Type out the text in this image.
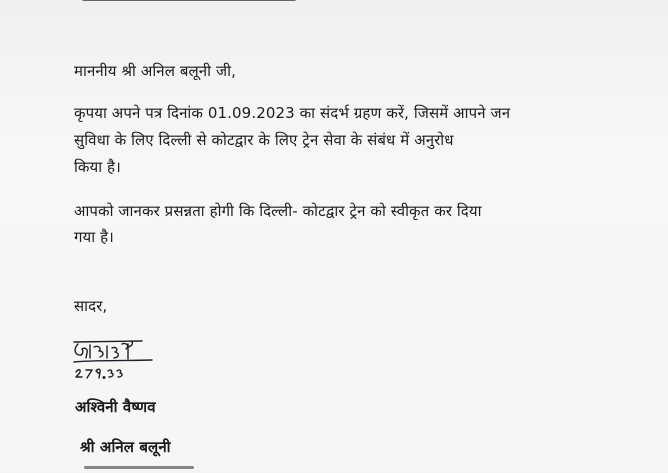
माननीय श्री अनिल बलूनी जी,
कृपया अपने पत्र दिनांक 01.09.2023 का संदर्भ ग्रहण करें, जिसमें आपने जन
सुविधा के लिए दिल्ली से कोटद्वार के लिए ट्रेन सेवा के संबंध में अनुरोध
किया है।
आपको जानकर प्रसन्नता होगी कि दिल्ली- कोटद्वार ट्रेन को स्वीकृत कर दिया
गया है।
सादर,
अश्विनी वैष्णव
श्री अनिल बलूनी
